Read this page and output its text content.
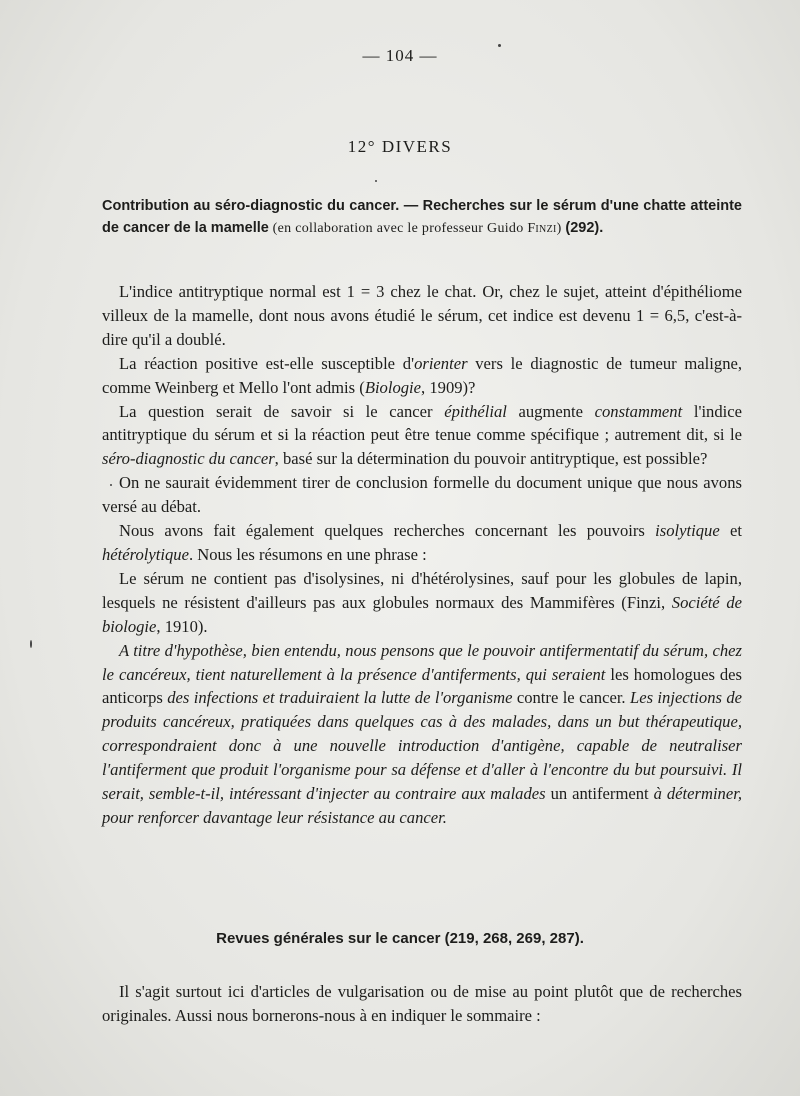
— 104 —
12° DIVERS
Contribution au séro-diagnostic du cancer. — Recherches sur le sérum d'une chatte atteinte de cancer de la mamelle (en collaboration avec le professeur Guido Finzi) (292).

L'indice antitryptique normal est 1 = 3 chez le chat. Or, chez le sujet, atteint d'épithéliome villeux de la mamelle, dont nous avons étudié le sérum, cet indice est devenu 1 = 6,5, c'est-à-dire qu'il a doublé.

La réaction positive est-elle susceptible d'orienter vers le diagnostic de tumeur maligne, comme Weinberg et Mello l'ont admis (Biologie, 1909)?

La question serait de savoir si le cancer épithélial augmente constamment l'indice antitryptique du sérum et si la réaction peut être tenue comme spécifique ; autrement dit, si le séro-diagnostic du cancer, basé sur la détermination du pouvoir antitryptique, est possible?

On ne saurait évidemment tirer de conclusion formelle du document unique que nous avons versé au débat.

Nous avons fait également quelques recherches concernant les pouvoirs isolytique et hétérolytique. Nous les résumons en une phrase :

Le sérum ne contient pas d'isolysines, ni d'hétérolysines, sauf pour les globules de lapin, lesquels ne résistent d'ailleurs pas aux globules normaux des Mammifères (Finzi, Société de biologie, 1910).

A titre d'hypothèse, bien entendu, nous pensons que le pouvoir antifermentatif du sérum, chez le cancéreux, tient naturellement à la présence d'antiferments, qui seraient les homologues des anticorps des infections et traduiraient la lutte de l'organisme contre le cancer. Les injections de produits cancéreux, pratiquées dans quelques cas à des malades, dans un but thérapeutique, correspondraient donc à une nouvelle introduction d'antigène, capable de neutraliser l'antiferment que produit l'organisme pour sa défense et d'aller à l'encontre du but poursuivi. Il serait, semble-t-il, intéressant d'injecter au contraire aux malades un antiferment à déterminer, pour renforcer davantage leur résistance au cancer.

Revues générales sur le cancer (219, 268, 269, 287).

Il s'agit surtout ici d'articles de vulgarisation ou de mise au point plutôt que de recherches originales. Aussi nous bornerons-nous à en indiquer le sommaire :
